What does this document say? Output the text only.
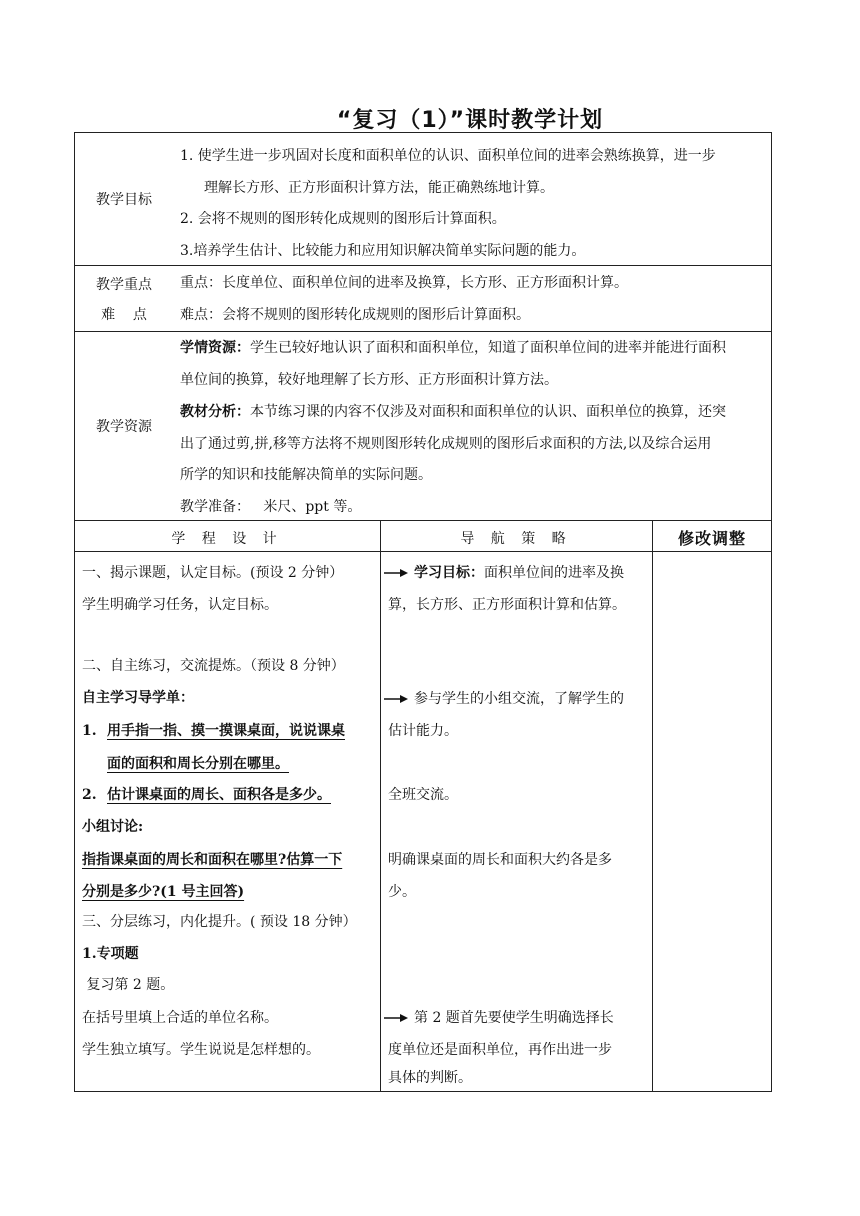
“复习（1）”课时教学计划
教学目标
1. 使学生进一步巩固对长度和面积单位的认识、面积单位间的进率会熟练换算，进一步
理解长方形、正方形面积计算方法，能正确熟练地计算。
2. 会将不规则的图形转化成规则的图形后计算面积。
3.培养学生估计、比较能力和应用知识解决简单实际问题的能力。
教学重点
难    点
重点：长度单位、面积单位间的进率及换算，长方形、正方形面积计算。
难点：会将不规则的图形转化成规则的图形后计算面积。
教学资源
学情资源：学生已较好地认识了面积和面积单位，知道了面积单位间的进率并能进行面积
单位间的换算，较好地理解了长方形、正方形面积计算方法。
教材分析：本节练习课的内容不仅涉及对面积和面积单位的认识、面积单位的换算，还突
出了通过剪,拼,移等方法将不规则图形转化成规则的图形后求面积的方法,以及综合运用
所学的知识和技能解决简单的实际问题。
教学准备：   米尺、ppt 等。
学 程 设 计	导 航 策 略	修改调整
一、揭示课题，认定目标。(预设 2 分钟）
学生明确学习任务，认定目标。
二、自主练习，交流提炼。（预设 8 分钟）
自主学习导学单：
1. 用手指一指、摸一摸课桌面，说说课桌
面的面积和周长分别在哪里。
2. 估计课桌面的周长、面积各是多少。
小组讨论:
指指课桌面的周长和面积在哪里?估算一下
分别是多少?(1 号主回答)
三、分层练习，内化提升。( 预设 18 分钟）
1.专项题
复习第 2 题。
在括号里填上合适的单位名称。
学生独立填写。学生说说是怎样想的。
学习目标：面积单位间的进率及换
算，长方形、正方形面积计算和估算。
参与学生的小组交流，了解学生的
估计能力。
全班交流。
明确课桌面的周长和面积大约各是多
少。
第 2 题首先要使学生明确选择长
度单位还是面积单位，再作出进一步
具体的判断。
